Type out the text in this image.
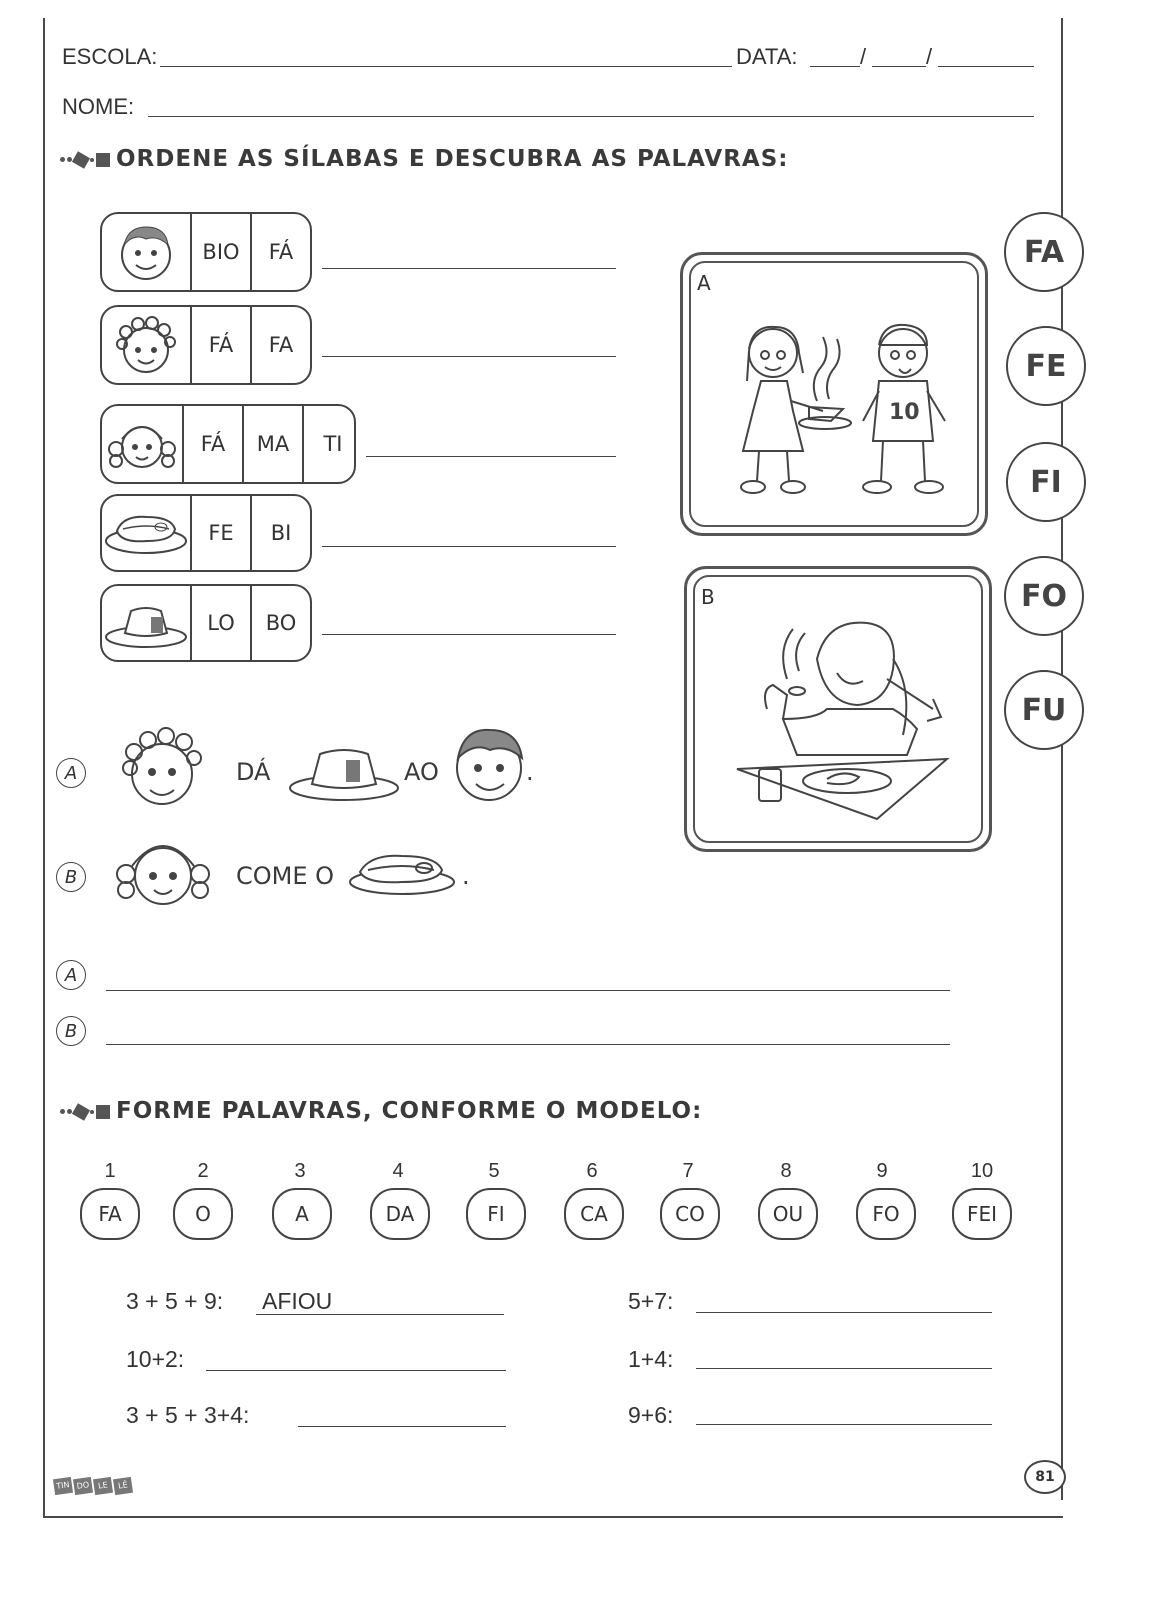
ESCOLA:	DATA:	/	/
NOME:
ORDENE AS SÍLABAS E DESCUBRA AS PALAVRAS:
BIO	FÁ
FÁ	FA
FÁ	MA	TI
FE	BI
LO	BO
A
10
B
FA
FE
FI
FO
FU
A	DÁ	AO	.
B	COME O	.
A
B
FORME PALAVRAS, CONFORME O MODELO:
1
FA
2
O
3
A
4
DA
5
FI
6
CA
7
CO
8
OU
9
FO
10
FEI
3 + 5 + 9: AFIOU
10+2:
3 + 5 + 3+4:
5+7:
1+4:
9+6:
TIN DO LE	LÊ
81
